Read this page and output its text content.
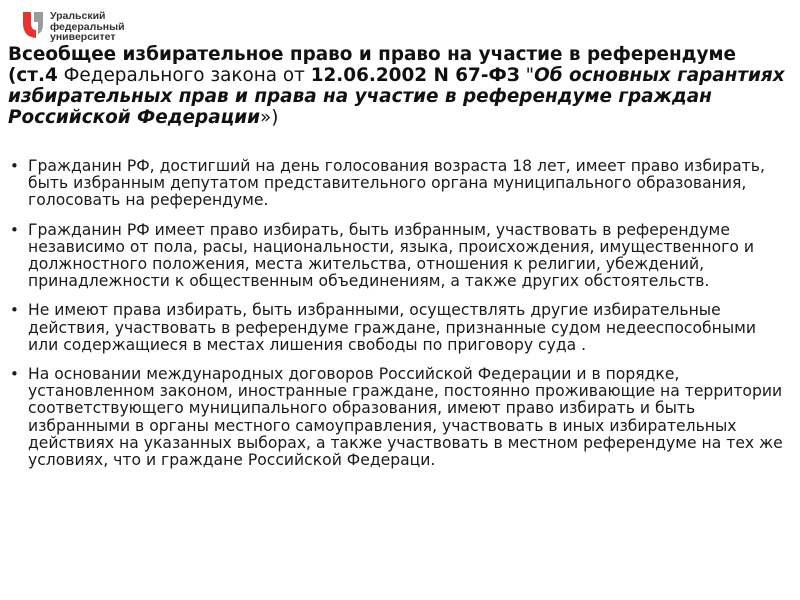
Уральский
федеральный
университет
Всеобщее избирательное право и право на участие в референдуме
(ст.4 Федерального закона от 12.06.2002 N 67-ФЗ "Об основных гарантиях избирательных прав и права на участие в референдуме граждан Российской Федерации»)
• Гражданин РФ, достигший на день голосования возраста 18 лет, имеет право избирать, быть избранным депутатом представительного органа муниципального образования, голосовать на референдуме.
• Гражданин РФ имеет право избирать, быть избранным, участвовать в референдуме независимо от пола, расы, национальности, языка, происхождения, имущественного и должностного положения, места жительства, отношения к религии, убеждений, принадлежности к общественным объединениям, а также других обстоятельств.
• Не имеют права избирать, быть избранными, осуществлять другие избирательные действия, участвовать в референдуме граждане, признанные судом недееспособными или содержащиеся в местах лишения свободы по приговору суда .
• На основании международных договоров Российской Федерации и в порядке, установленном законом, иностранные граждане, постоянно проживающие на территории соответствующего муниципального образования, имеют право избирать и быть избранными в органы местного самоуправления, участвовать в иных избирательных действиях на указанных выборах, а также участвовать в местном референдуме на тех же условиях, что и граждане Российской Федераци.
